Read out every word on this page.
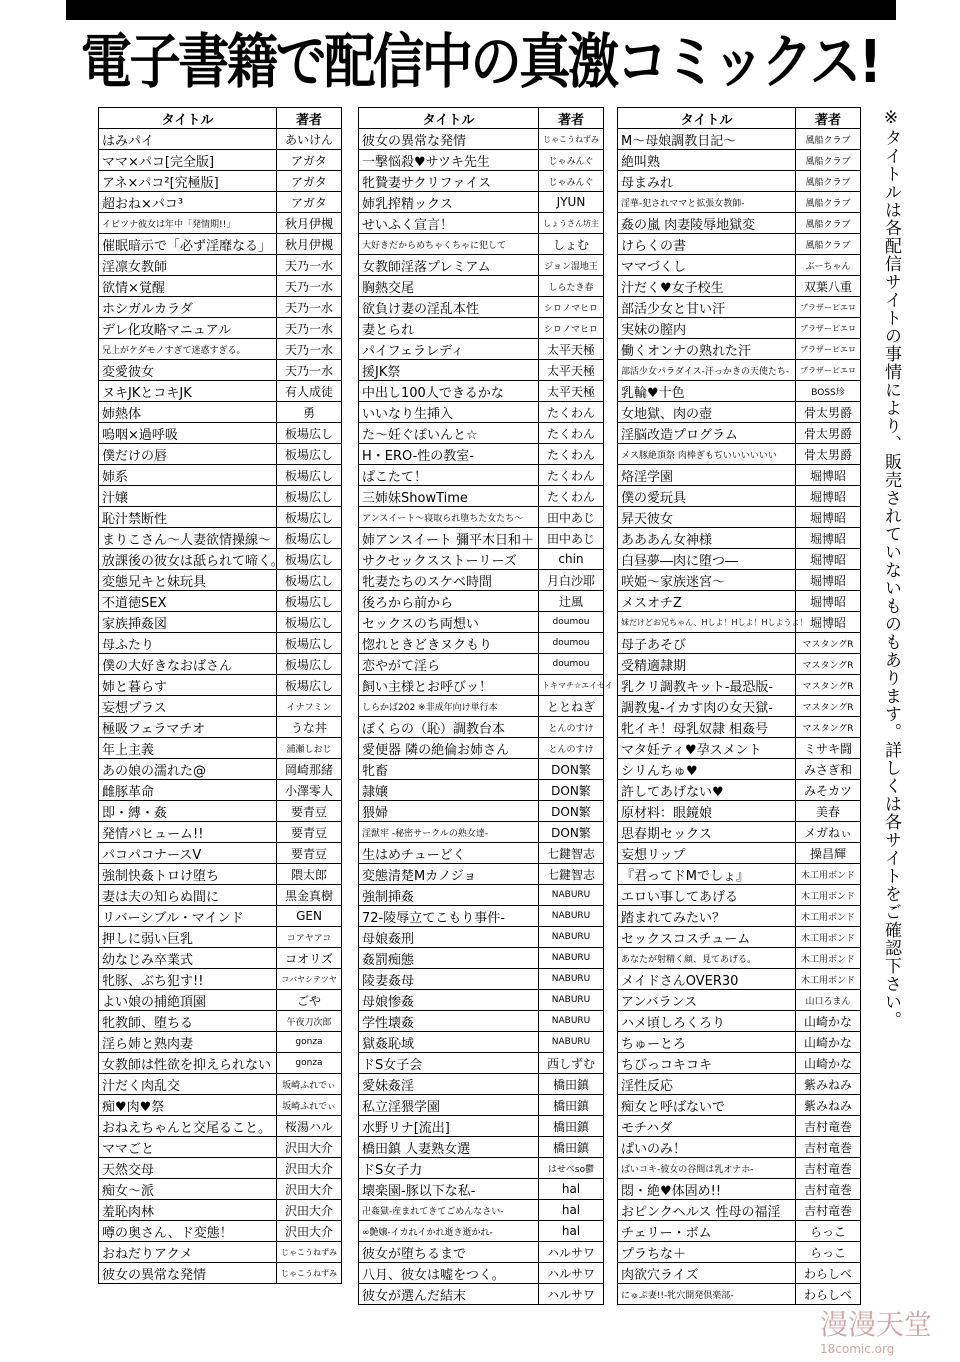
電子書籍で配信中の真激コミックス!
タイトル	著者
はみパイ	あいけん
ママ×パコ[完全版]	アガタ
アネ×パコ²[究極版]	アガタ
超おね×パコ³	アガタ
イビツナ彼女は年中「発情期!!」	秋月伊槻
催眠暗示で「必ず淫靡なる」	秋月伊槻
淫凛女教師	天乃一水
欲情×覚醒	天乃一水
ホシガルカラダ	天乃一水
デレ化攻略マニュアル	天乃一水
兄上がケダモノすぎて迷惑すぎる。	天乃一水
変愛彼女	天乃一水
ヌキJKとコキJK	有人成徒
姉熱体	勇
嗚咽×過呼吸	板場広し
僕だけの唇	板場広し
姉系	板場広し
汁嬢	板場広し
恥汁禁断性	板場広し
まりこさん～人妻欲情操線～	板場広し
放課後の彼女は舐られて啼く。	板場広し
変態兄キと妹玩具	板場広し
不道徳SEX	板場広し
家族挿姦図	板場広し
母ふたり	板場広し
僕の大好きなおばさん	板場広し
姉と暮らす	板場広し
妄想プラス	イナフミン
極吸フェラマチオ	うな丼
年上主義	浦瀬しおじ
あの娘の濡れた@	岡崎那緒
雌豚革命	小澤零人
即・縛・姦	要青豆
発情パヒューム!!	要青豆
パコパコナースV	要青豆
強制快姦トロけ堕ち	隈太郎
妻は夫の知らぬ間に	黒金真樹
リバーシブル・マインド	GEN
押しに弱い巨乳	コアヤアコ
幼なじみ卒業式	コオリズ
牝豚、ぶち犯す!!	コバヤシテツヤ
よい娘の捕絶頂園	ごや
牝教師、堕ちる	午夜刀次郎
淫ら姉と熟肉妻	gonza
女教師は性欲を抑えられない	gonza
汁だく肉乱交	坂崎ふれでぃ
痴♥肉♥祭	坂崎ふれでぃ
おねえちゃんと交尾ること。	桜湯ハル
ママごと	沢田大介
天然交母	沢田大介
痴女～派	沢田大介
羞恥肉林	沢田大介
噂の奥さん、ド変態！	沢田大介
おねだりアクメ	じゃこうねずみ
彼女の異常な発情	じゃこうねずみ
タイトル	著者
彼女の異常な発情	じゃこうねずみ
一撃悩殺♥サツキ先生	じゃみんぐ
牝贄妻サクリファイス	じゃみんぐ
姉乳搾精ックス	JYUN
せいふく宣言！	しょうさん坊主
大好きだからめちゃくちゃに犯して	しょむ
女教師淫落プレミアム	ジョン湿地王
胸熱交尾	しらたき春
欲負け妻の淫乱本性	シロノマヒロ
妻とられ	シロノマヒロ
パイフェラレディ	太平天極
援JK祭	太平天極
中出し100人できるかな	太平天極
いいなり生挿入	たくわん
た～妊ぐぽいんと☆	たくわん
H・ERO-性の教室-	たくわん
ぱこたて！	たくわん
三姉妹ShowTime	たくわん
アンスイート～寝取られ堕ちた女たち～	田中あじ
姉アンスイート 彌平木日和＋	田中あじ
サクセックスストーリーズ	chin
牝妻たちのスケベ時間	月白沙耶
後ろから前から	辻風
セックスのち両想い	doumou
惚れときどきヌクもり	doumou
恋やがて淫ら	doumou
飼い主様とお呼びッ！	トキマチ☆エイセイ
しらかば202 ※非成年向け単行本	ととねぎ
ぼくらの（恥）調教台本	とんのすけ
愛便器 隣の絶倫お姉さん	とんのすけ
牝畜	DON繁
隷嬢	DON繁
猥婦	DON繁
淫獣牢 -秘密サークルの熟女達-	DON繁
生はめチューどく	七鍵智志
変態清楚Mカノジョ	七鍵智志
強制挿姦	NABURU
72-陵辱立てこもり事件-	NABURU
母娘姦刑	NABURU
姦罰痴態	NABURU
陵妻姦母	NABURU
母娘惨姦	NABURU
学性壊姦	NABURU
獄姦恥域	NABURU
ドS女子会	西しずむ
愛妹姦淫	橋田鎮
私立淫猥学園	橋田鎮
水野リナ[流出]	橋田鎮
橋田鎮 人妻熟女選	橋田鎮
ドS女子力	はせべso鬱
壊楽園-豚以下な私-	hal
卍姦獄-産まれてきてごめんなさい-	hal
∞艶嬢-イカれイかれ逝き逝かれ-	hal
彼女が堕ちるまで	ハルサワ
八月、彼女は嘘をつく。	ハルサワ
彼女が選んだ結末	ハルサワ
タイトル	著者
M～母娘調教日記～	風船クラブ
絶叫熟	風船クラブ
母まみれ	風船クラブ
淫華-犯されママと拡張女教師-	風船クラブ
姦の嵐 肉妻陵辱地獄変	風船クラブ
けらくの書	風船クラブ
ママづくし	ぶーちゃん
汁だく♥女子校生	双葉八重
部活少女と甘い汗	ブラザーピエロ
実妹の膣内	ブラザーピエロ
働くオンナの熟れた汗	ブラザーピエロ
部活少女パラダイス-汗っかきの天使たち-	ブラザーピエロ
乳輪♥十色	BOSS珍
女地獄、肉の壺	骨太男爵
淫脳改造プログラム	骨太男爵
メス豚絶頂祭 肉棒ぎもぢいいいいいい	骨太男爵
烙淫学園	堀博昭
僕の愛玩具	堀博昭
昇天彼女	堀博昭
あああん女神様	堀博昭
白昼夢―肉に堕つ―	堀博昭
咲姫～家族迷宮～	堀博昭
メスオチZ	堀博昭
妹だけどお兄ちゃん、Hしよ！Hしよ！Hしようよ！	堀博昭
母子あそび	マスタングR
受精適隷期	マスタングR
乳クリ調教キット-最恐版-	マスタングR
調教鬼-イカす肉の女天獄-	マスタングR
牝イキ！母乳奴隷 相姦号	マスタングR
マタ妊ティ♥孕スメント	ミサキ闘
シリんちゅ♥	みさぎ和
許してあげない♥	みそカツ
原材料：眼鏡娘	美春
思春期セックス	メガねぃ
妄想リップ	操昌輝
『君ってドMでしょ』	木工用ボンド
エロい事してあげる	木工用ボンド
踏まれてみたい？	木工用ボンド
セックスコスチューム	木工用ボンド
あなたが射精く顔、見てあげる。	木工用ボンド
メイドさんOVER30	木工用ボンド
アンバランス	山口ろまん
ハメ頃しろくろり	山崎かな
ちゅーとろ	山崎かな
ちびっコキコキ	山崎かな
淫性反応	紫みねみ
痴女と呼ばないで	紫みねみ
モチハダ	吉村竜巻
ぱいのみ！	吉村竜巻
ぱいコキ-彼女の谷間は乳オナホ-	吉村竜巻
悶・絶♥体固め!!	吉村竜巻
おピンクヘルス 性母の福淫	吉村竜巻
チェリー・ボム	らっこ
プラちな＋	らっこ
肉欲穴ライズ	わらしべ
にゅぷ妻!!-牝穴開発倶楽部-	わらしべ
※タイトルは各配信サイトの事情により、販売されていないものもあります。詳しくは各サイトをご確認下さい。
漫漫天堂
18comic.org
